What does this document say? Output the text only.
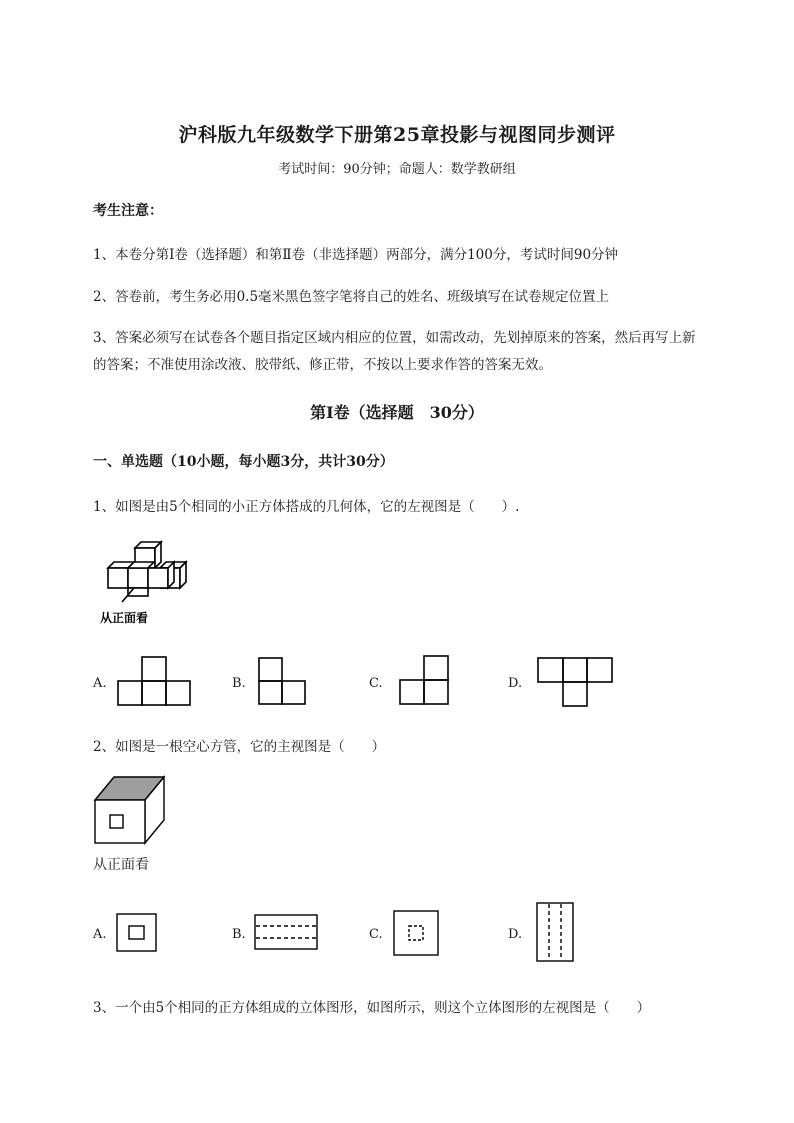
沪科版九年级数学下册第25章投影与视图同步测评
考试时间：90分钟；命题人：数学教研组
考生注意：
1、本卷分第I卷（选择题）和第Ⅱ卷（非选择题）两部分，满分100分，考试时间90分钟
2、答卷前，考生务必用0.5毫米黑色签字笔将自己的姓名、班级填写在试卷规定位置上
3、答案必须写在试卷各个题目指定区域内相应的位置，如需改动，先划掉原来的答案，然后再写上新
的答案；不准使用涂改液、胶带纸、修正带，不按以上要求作答的答案无效。
第I卷（选择题　30分）
一、单选题（10小题，每小题3分，共计30分）
1、如图是由5个相同的小正方体搭成的几何体，它的左视图是（　　）.
从正面看
A.	B.	C.	D.
2、如图是一根空心方管，它的主视图是（　　）
从正面看
A.	B.	C.	D.
3、一个由5个相同的正方体组成的立体图形，如图所示，则这个立体图形的左视图是（　　）
